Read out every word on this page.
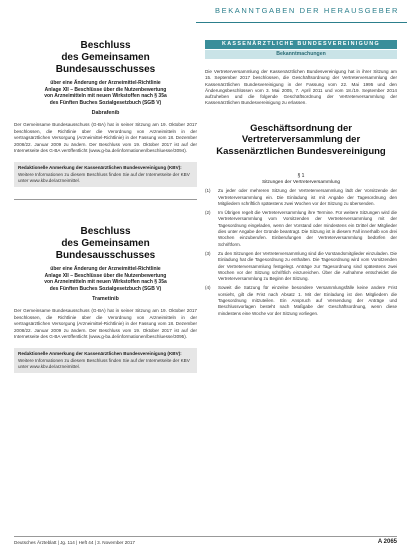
BEKANNTGABEN DER HERAUSGEBER
Beschluss
des Gemeinsamen Bundesausschusses
über eine Änderung der Arzneimittel-Richtlinie
Anlage XII – Beschlüsse über die Nutzenbewertung
von Arzneimitteln mit neuen Wirkstoffen nach § 35a
des Fünften Buches Sozialgesetzbuch (SGB V)
Dabrafenib
Der Gemeinsame Bundesausschuss (G-BA) hat in seiner Sitzung am 19. Oktober 2017 beschlossen, die Richtlinie über die Verordnung von Arzneimitteln in der vertragsärztlichen Versorgung (Arzneimittel-Richtlinie) in der Fassung vom 18. Dezember 2008/22. Januar 2009 zu ändern. Der Beschluss vom 19. Oktober 2017 ist auf der Internetseite des G-BA veröffentlicht (www.g-ba.de/informationen/beschluesse/3094).
Redaktionelle Anmerkung der Kassenärztlichen Bundesvereinigung (KBV): Weitere Informationen zu diesem Beschluss finden Sie auf der Internetseite der KBV unter www.kbv.de/arzneimittel.
Beschluss
des Gemeinsamen Bundesausschusses
über eine Änderung der Arzneimittel-Richtlinie
Anlage XII – Beschlüsse über die Nutzenbewertung
von Arzneimitteln mit neuen Wirkstoffen nach § 35a
des Fünften Buches Sozialgesetzbuch (SGB V)
Trametinib
Der Gemeinsame Bundesausschuss (G-BA) hat in seiner Sitzung am 19. Oktober 2017 beschlossen, die Richtlinie über die Verordnung von Arzneimitteln in der vertragsärztlichen Versorgung (Arzneimittel-Richtlinie) in der Fassung vom 18. Dezember 2008/22. Januar 2009 zu ändern. Der Beschluss vom 19. Oktober 2017 ist auf der Internetseite des G-BA veröffentlicht (www.g-ba.de/informationen/beschluesse/3095).
Redaktionelle Anmerkung der Kassenärztlichen Bundesvereinigung (KBV): Weitere Informationen zu diesem Beschluss finden Sie auf der Internetseite der KBV unter www.kbv.de/arzneimittel.
KASSENÄRZTLICHE BUNDESVEREINIGUNG
Bekanntmachungen
Die Vertreterversammlung der Kassenärztlichen Bundesvereinigung hat in ihrer Sitzung am 15. September 2017 beschlossen, die Geschäftsordnung der Vertreterversammlung der Kassenärztlichen Bundesvereinigung in der Fassung vom 22. Mai 1995 und den Änderungsbeschlüssen vom 3. Mai 2005, 7. April 2011 und vom 18./19. September 2014 aufzuheben und die folgende Geschäftsordnung der Vertreterversammlung der Kassenärztlichen Bundesvereinigung zu erlassen.
Geschäftsordnung der
Vertreterversammlung der
Kassenärztlichen Bundesvereinigung
§ 1
Sitzungen der Vertreterversammlung
(1)	Zu jeder oder mehreren Sitzung der Vertreterversammlung lädt der Vorsitzende der Vertreterversammlung ein. Die Einladung ist mit Angabe der Tagesordnung den Mitgliedern schriftlich spätestens zwei Wochen vor der Sitzung zu übersenden.
(2)	Im Übrigen regelt die Vertreterversammlung ihre Termine. Für weitere Sitzungen wird die Vertreterversammlung vom Vorsitzenden der Vertreterversammlung mit der Tagesordnung eingeladen, wenn der Vorstand oder mindestens ein Drittel der Mitglieder dies unter Angabe der Gründe beantragt. Die Sitzung ist in diesem Fall innerhalb von drei Wochen einzuberufen. Einberufungen der Vertreterversammlung bedürfen der Schriftform.
(3)	Zu den Sitzungen der Vertreterversammlung sind die Vorstandsmitglieder einzuladen. Die Einladung hat die Tagesordnung zu enthalten. Die Tagesordnung wird vom Vorsitzenden der Vertreterversammlung festgelegt. Anträge zur Tagesordnung sind spätestens zwei Wochen vor der Sitzung schriftlich einzureichen. Über die Aufnahme entscheidet die Vertreterversammlung zu Beginn der Sitzung.
(4)	Soweit die Satzung für einzelne besondere Versammlungsfälle keine andere Frist vorsieht, gilt die Frist nach Absatz 1. Mit der Einladung ist den Mitgliedern die Tagesordnung mitzuteilen. Ein Anspruch auf Versendung der Anträge und Beschlussvorlagen besteht nach Maßgabe der Geschäftsordnung, wenn diese mindestens eine Woche vor der Sitzung vorliegen.
Deutsches Ärzteblatt | Jg. 114 | Heft 44 | 3. November 2017	A 2065
